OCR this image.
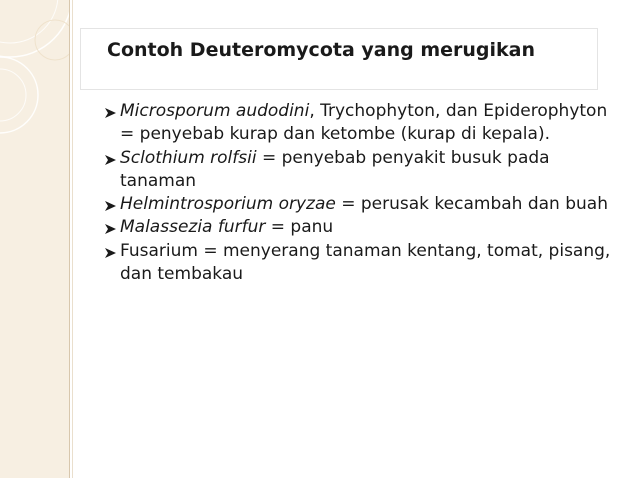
Contoh Deuteromycota yang merugikan

Microsporum audodini, Trychophyton, dan Epiderophyton = penyebab kurap dan ketombe (kurap di kepala).

Sclothium rolfsii = penyebab penyakit busuk pada tanaman

Helmintrosporium oryzae = perusak kecambah dan buah

Malassezia furfur = panu

Fusarium = menyerang tanaman kentang, tomat, pisang, dan tembakau
